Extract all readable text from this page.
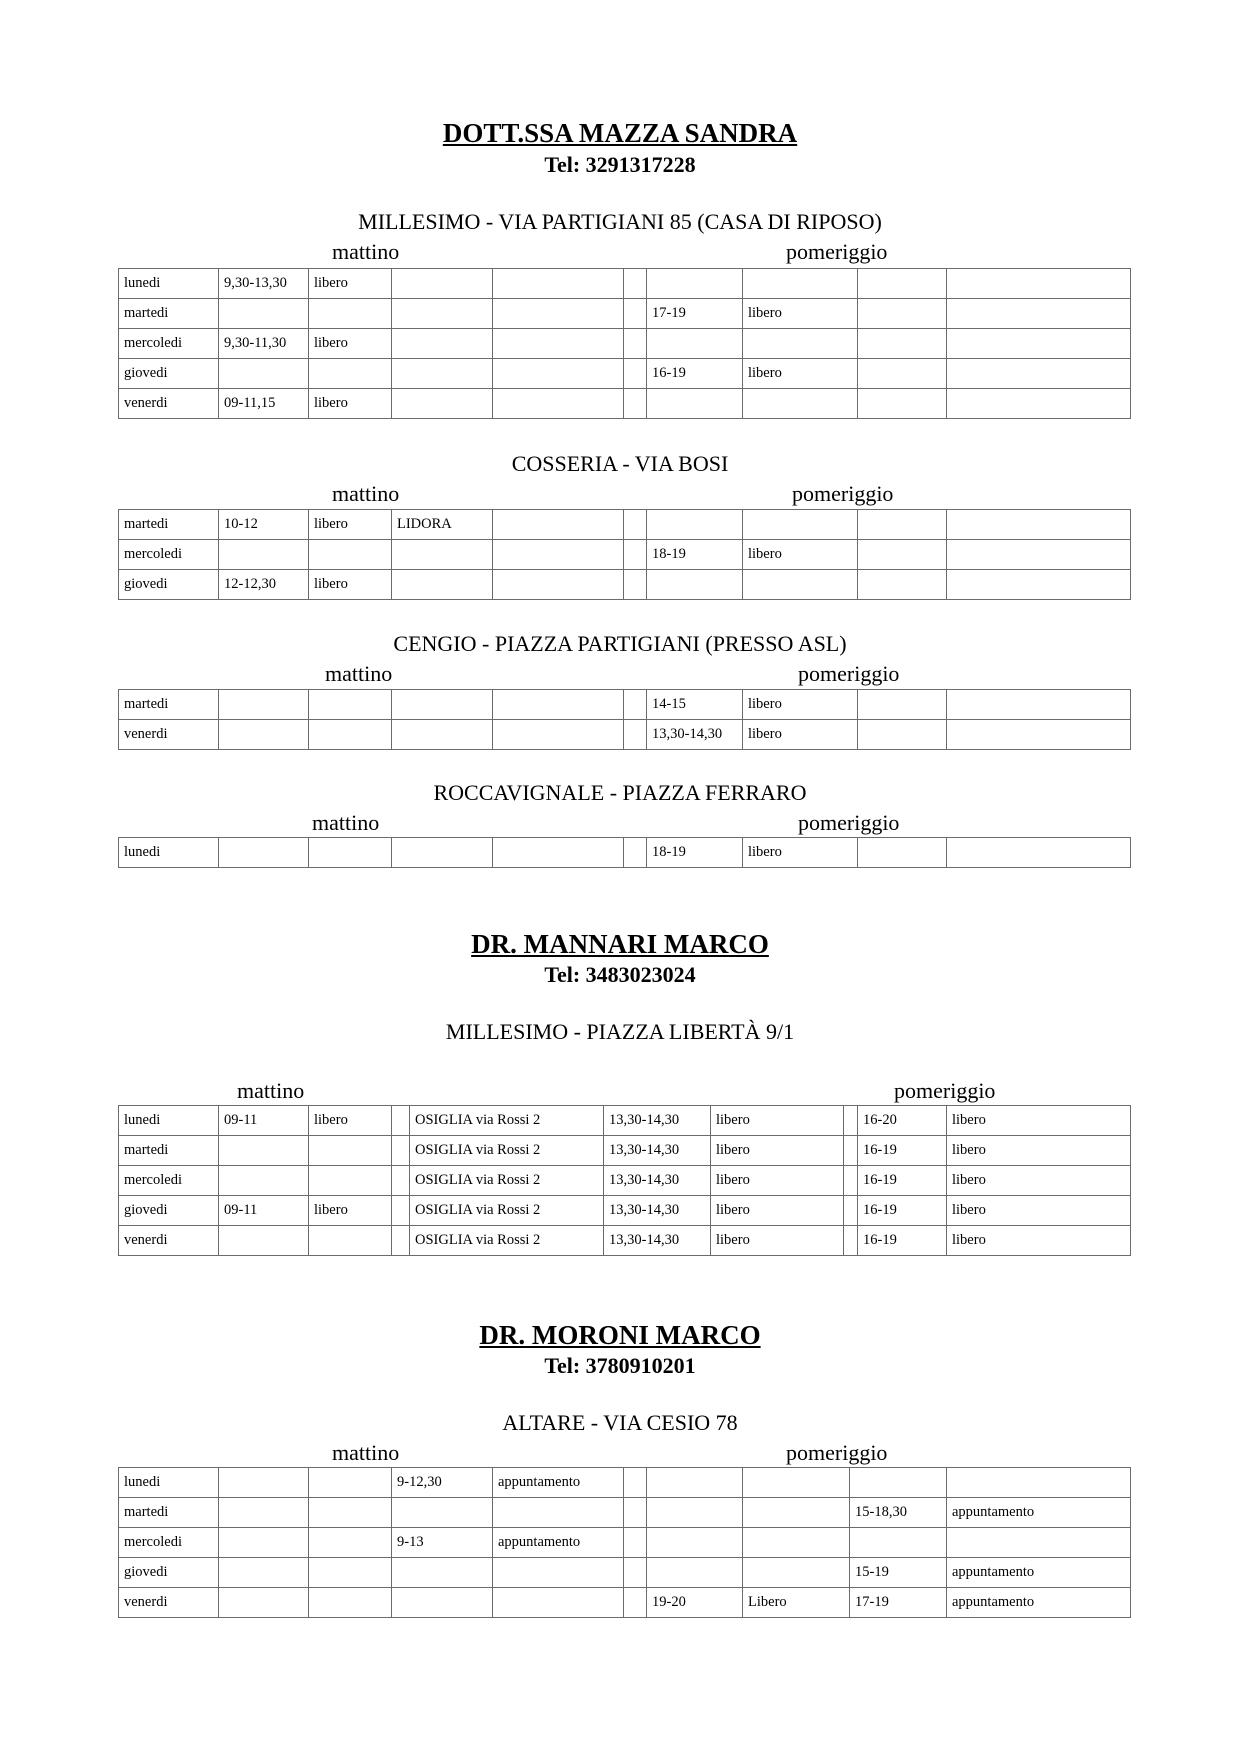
DOTT.SSA MAZZA SANDRA
Tel: 3291317228
MILLESIMO - VIA PARTIGIANI 85 (CASA DI RIPOSO)
mattino	pomeriggio
lunedi	9,30-13,30	libero							
martedi						17-19	libero		
mercoledi	9,30-11,30	libero							
giovedi						16-19	libero		
venerdi	09-11,15	libero							
COSSERIA - VIA BOSI
mattino	pomeriggio
martedi	10-12	libero	LIDORA						
mercoledi						18-19	libero		
giovedi	12-12,30	libero							
CENGIO - PIAZZA PARTIGIANI (PRESSO ASL)
mattino	pomeriggio
martedi						14-15	libero		
venerdi						13,30-14,30	libero		
ROCCAVIGNALE - PIAZZA FERRARO
mattino	pomeriggio
lunedi						18-19	libero		
DR. MANNARI MARCO
Tel: 3483023024
MILLESIMO - PIAZZA LIBERTÀ 9/1
mattino	pomeriggio
lunedi	09-11	libero		OSIGLIA via Rossi 2	13,30-14,30	libero		16-20	libero
martedi				OSIGLIA via Rossi 2	13,30-14,30	libero		16-19	libero
mercoledi				OSIGLIA via Rossi 2	13,30-14,30	libero		16-19	libero
giovedi	09-11	libero		OSIGLIA via Rossi 2	13,30-14,30	libero		16-19	libero
venerdi				OSIGLIA via Rossi 2	13,30-14,30	libero		16-19	libero
DR. MORONI MARCO
Tel: 3780910201
ALTARE - VIA CESIO 78
mattino	pomeriggio
lunedi			9-12,30	appuntamento					
martedi								15-18,30	appuntamento
mercoledi			9-13	appuntamento					
giovedi								15-19	appuntamento
venerdi						19-20	Libero	17-19	appuntamento
